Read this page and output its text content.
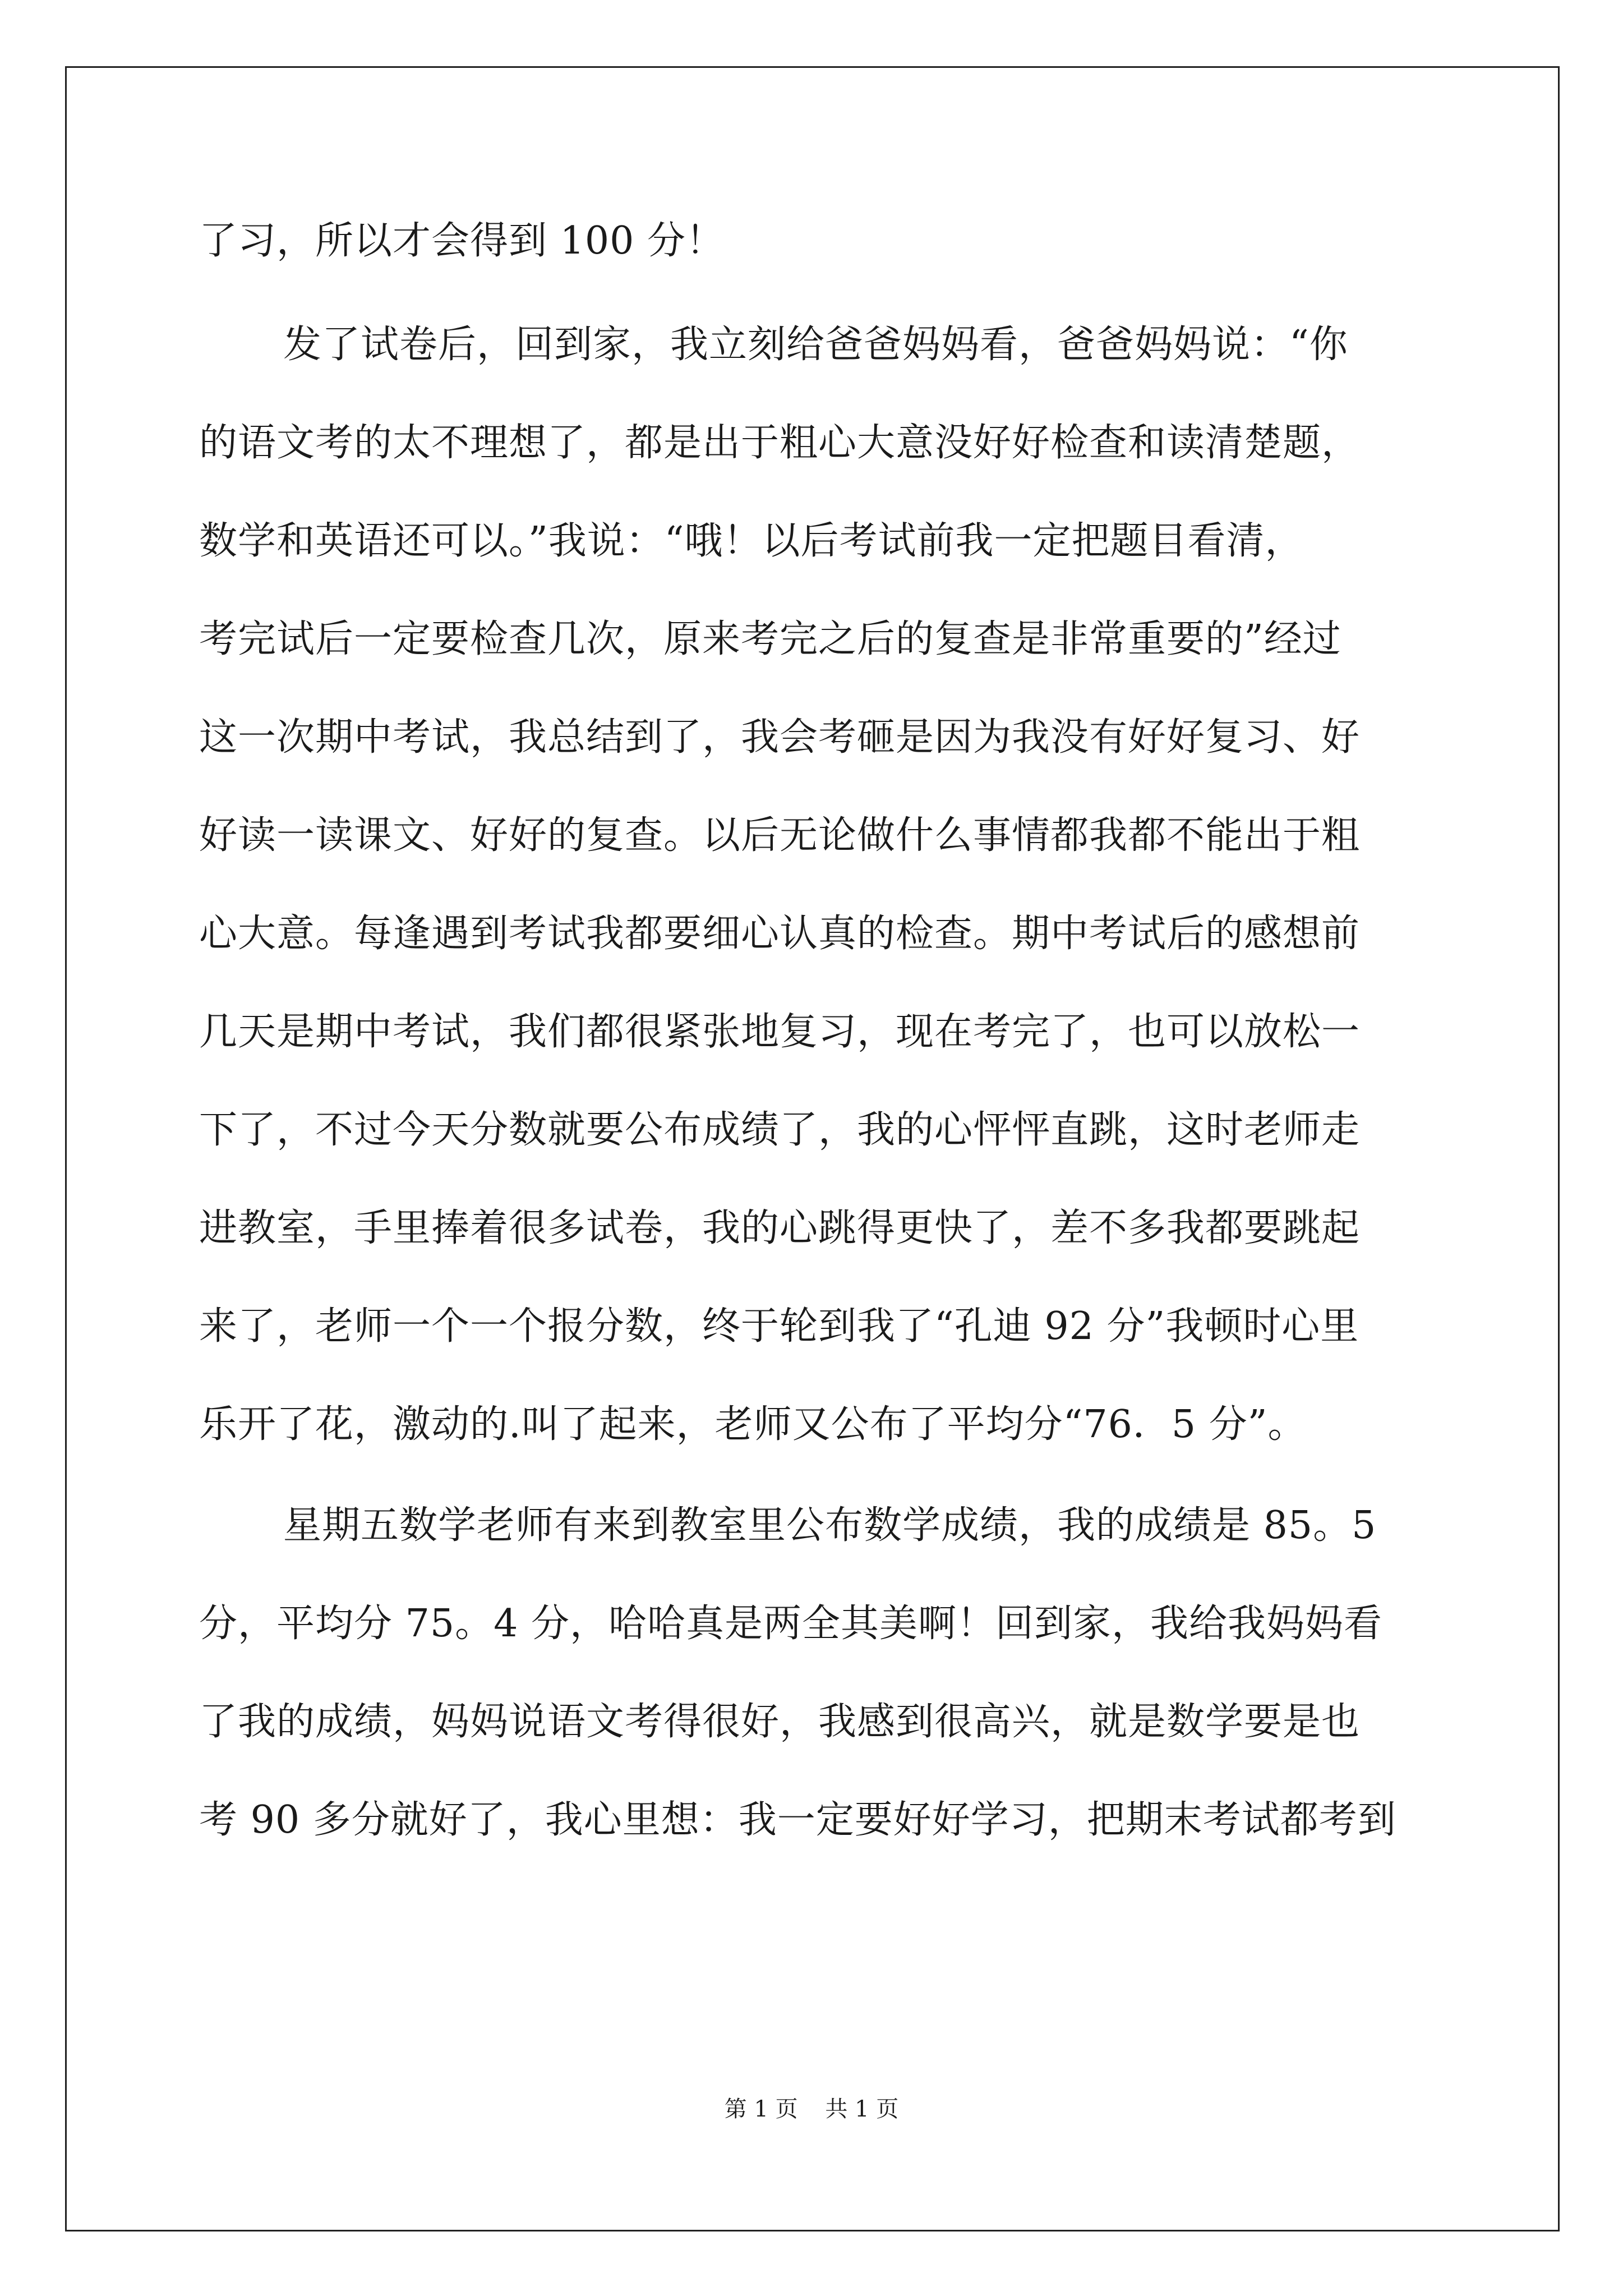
了习，所以才会得到 100 分！
发了试卷后，回到家，我立刻给爸爸妈妈看，爸爸妈妈说：“你
的语文考的太不理想了，都是出于粗心大意没好好检查和读清楚题，
数学和英语还可以。”我说：“哦！以后考试前我一定把题目看清，
考完试后一定要检查几次，原来考完之后的复查是非常重要的”经过
这一次期中考试，我总结到了，我会考砸是因为我没有好好复习、好
好读一读课文、好好的复查。以后无论做什么事情都我都不能出于粗
心大意。每逢遇到考试我都要细心认真的检查。期中考试后的感想前
几天是期中考试，我们都很紧张地复习，现在考完了，也可以放松一
下了，不过今天分数就要公布成绩了，我的心怦怦直跳，这时老师走
进教室，手里捧着很多试卷，我的心跳得更快了，差不多我都要跳起
来了，老师一个一个报分数，终于轮到我了“孔迪 92 分”我顿时心里
乐开了花，激动的.叫了起来，老师又公布了平均分“76．5 分”。
星期五数学老师有来到教室里公布数学成绩，我的成绩是 85。5
分，平均分 75。4 分，哈哈真是两全其美啊！回到家，我给我妈妈看
了我的成绩，妈妈说语文考得很好，我感到很高兴，就是数学要是也
考 90 多分就好了，我心里想：我一定要好好学习，把期末考试都考到
第 1 页 共 1 页
